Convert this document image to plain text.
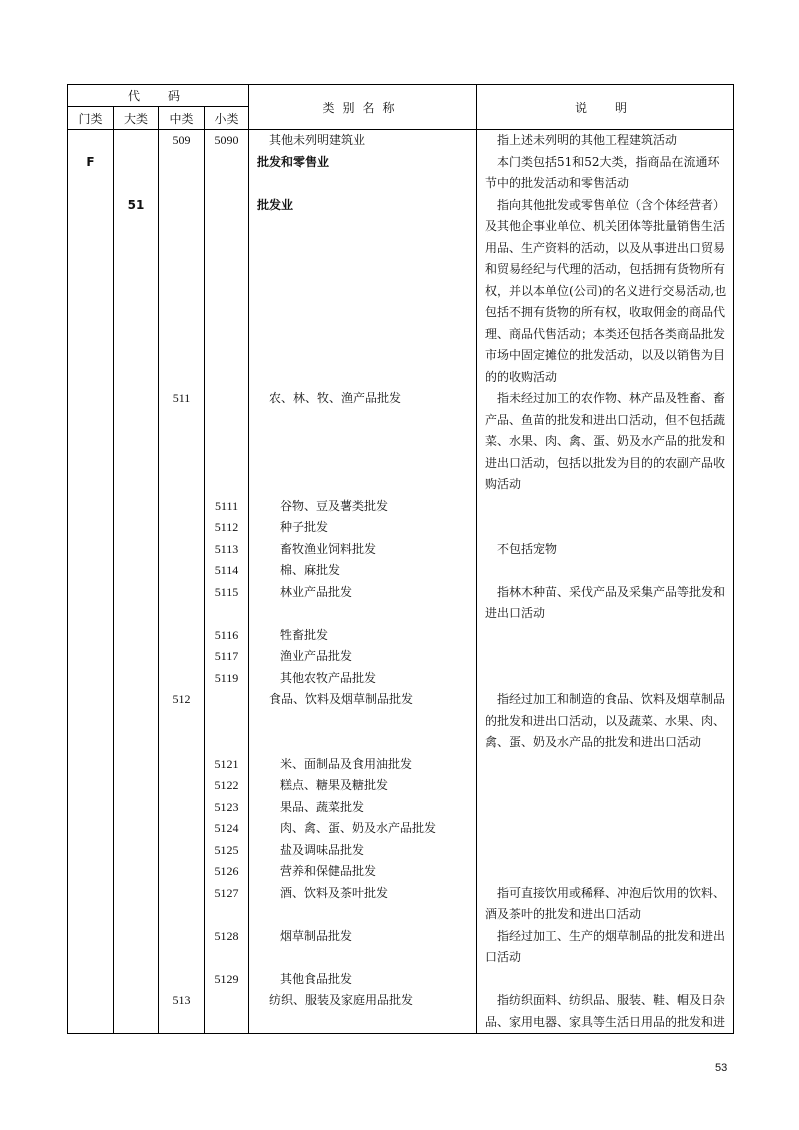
代　码				类别名称	说　明
门类	大类	中类	小类		
		509	5090	其他未列明建筑业	指上述未列明的其他工程建筑活动
F				批发和零售业	本门类包括51和52大类，指商品在流通环节中的批发活动和零售活动
	51			批发业	指向其他批发或零售单位（含个体经营者）及其他企事业单位、机关团体等批量销售生活用品、生产资料的活动，以及从事进出口贸易和贸易经纪与代理的活动，包括拥有货物所有权，并以本单位(公司)的名义进行交易活动,也包括不拥有货物的所有权，收取佣金的商品代理、商品代售活动；本类还包括各类商品批发市场中固定摊位的批发活动，以及以销售为目的的收购活动
		511		农、林、牧、渔产品批发	指未经过加工的农作物、林产品及牲畜、畜产品、鱼苗的批发和进出口活动，但不包括蔬菜、水果、肉、禽、蛋、奶及水产品的批发和进出口活动，包括以批发为目的的农副产品收购活动
			5111	谷物、豆及薯类批发	
			5112	种子批发	
			5113	畜牧渔业饲料批发	不包括宠物
			5114	棉、麻批发	
			5115	林业产品批发	指林木种苗、采伐产品及采集产品等批发和进出口活动
			5116	牲畜批发	
			5117	渔业产品批发	
			5119	其他农牧产品批发	
		512		食品、饮料及烟草制品批发	指经过加工和制造的食品、饮料及烟草制品的批发和进出口活动，以及蔬菜、水果、肉、禽、蛋、奶及水产品的批发和进出口活动
			5121	米、面制品及食用油批发	
			5122	糕点、糖果及糖批发	
			5123	果品、蔬菜批发	
			5124	肉、禽、蛋、奶及水产品批发	
			5125	盐及调味品批发	
			5126	营养和保健品批发	
			5127	酒、饮料及茶叶批发	指可直接饮用或稀释、冲泡后饮用的饮料、酒及茶叶的批发和进出口活动
			5128	烟草制品批发	指经过加工、生产的烟草制品的批发和进出口活动
			5129	其他食品批发	
		513		纺织、服装及家庭用品批发	指纺织面料、纺织品、服装、鞋、帽及日杂品、家用电器、家具等生活日用品的批发和进
53
